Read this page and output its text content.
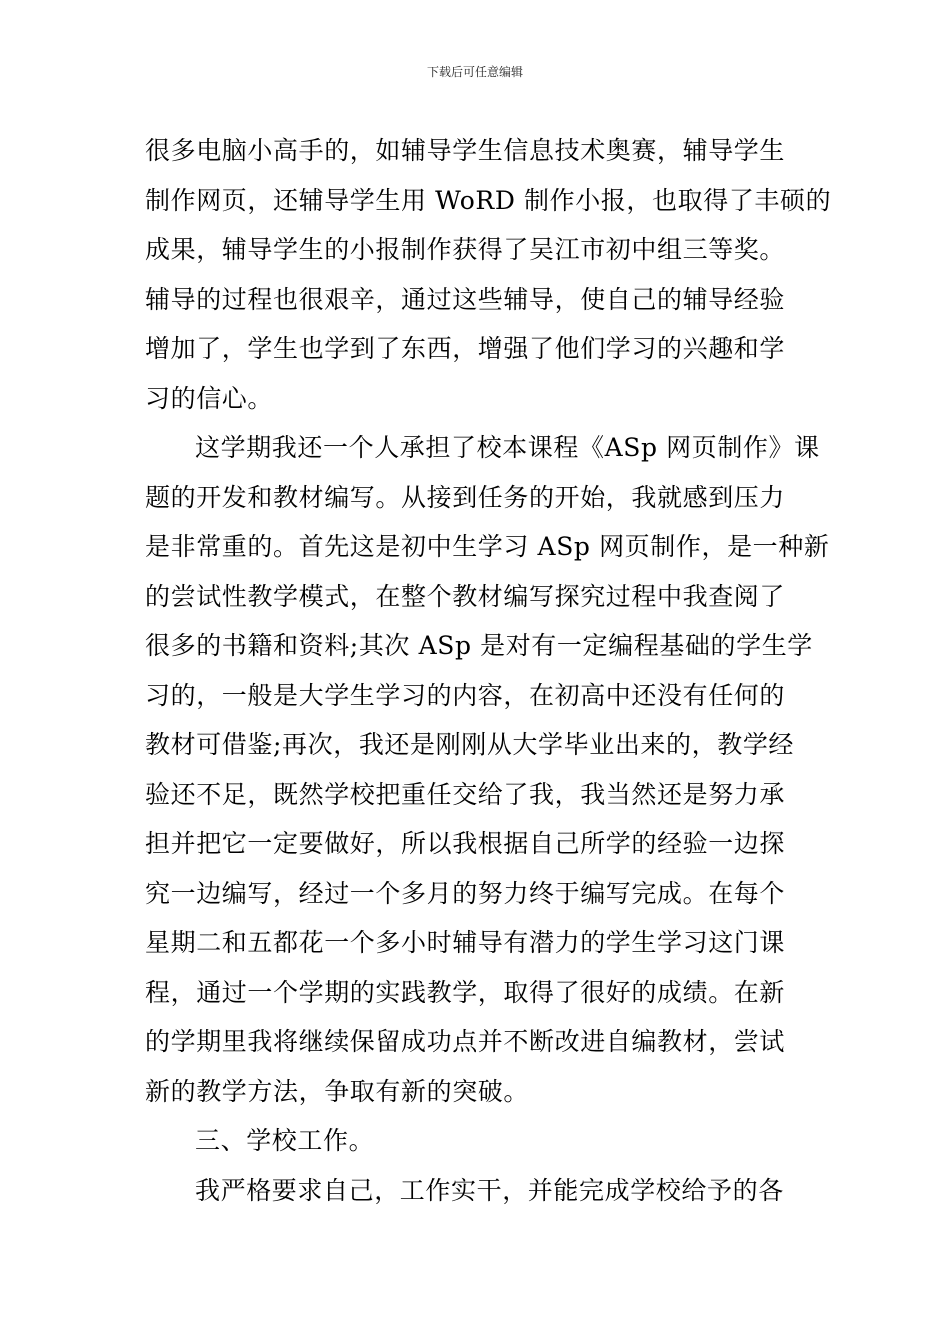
下载后可任意编辑
很多电脑小高手的，如辅导学生信息技术奥赛，辅导学生
制作网页，还辅导学生用 WoRD 制作小报，也取得了丰硕的
成果，辅导学生的小报制作获得了吴江市初中组三等奖。
辅导的过程也很艰辛，通过这些辅导，使自己的辅导经验
增加了，学生也学到了东西，增强了他们学习的兴趣和学
习的信心。
这学期我还一个人承担了校本课程《ASp 网页制作》课
题的开发和教材编写。从接到任务的开始，我就感到压力
是非常重的。首先这是初中生学习 ASp 网页制作，是一种新
的尝试性教学模式，在整个教材编写探究过程中我查阅了
很多的书籍和资料;其次 ASp 是对有一定编程基础的学生学
习的，一般是大学生学习的内容，在初高中还没有任何的
教材可借鉴;再次，我还是刚刚从大学毕业出来的，教学经
验还不足，既然学校把重任交给了我，我当然还是努力承
担并把它一定要做好，所以我根据自己所学的经验一边探
究一边编写，经过一个多月的努力终于编写完成。在每个
星期二和五都花一个多小时辅导有潜力的学生学习这门课
程，通过一个学期的实践教学，取得了很好的成绩。在新
的学期里我将继续保留成功点并不断改进自编教材，尝试
新的教学方法，争取有新的突破。
三、学校工作。
我严格要求自己，工作实干，并能完成学校给予的各
